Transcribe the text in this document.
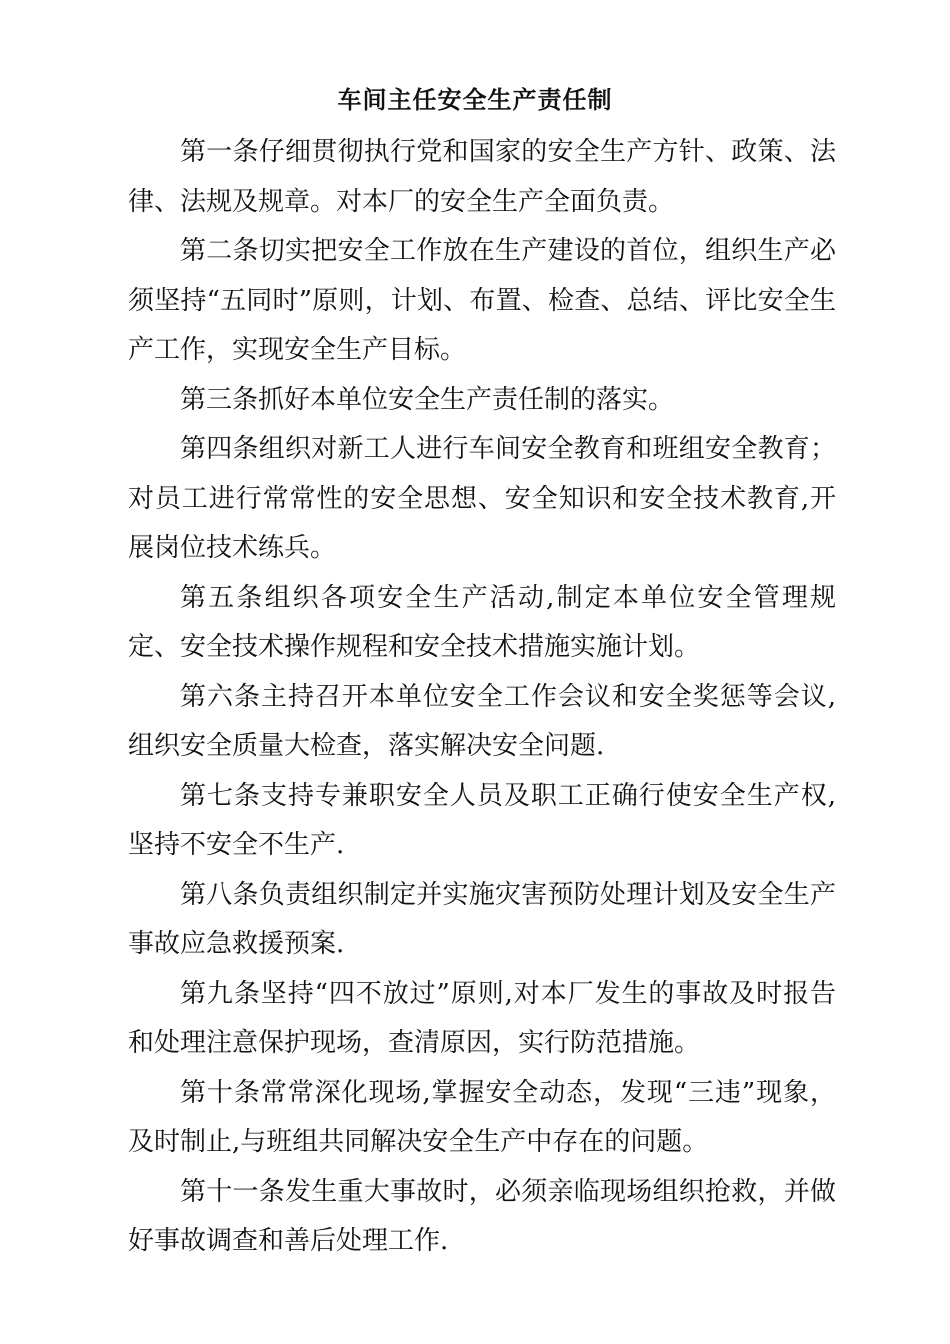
车间主任安全生产责任制

第一条仔细贯彻执行党和国家的安全生产方针、政策、法律、法规及规章。对本厂的安全生产全面负责。

第二条切实把安全工作放在生产建设的首位，组织生产必须坚持“五同时”原则，计划、布置、检查、总结、评比安全生产工作，实现安全生产目标。

第三条抓好本单位安全生产责任制的落实。

第四条组织对新工人进行车间安全教育和班组安全教育；对员工进行常常性的安全思想、安全知识和安全技术教育,开展岗位技术练兵。

第五条组织各项安全生产活动,制定本单位安全管理规定、安全技术操作规程和安全技术措施实施计划。

第六条主持召开本单位安全工作会议和安全奖惩等会议,组织安全质量大检查，落实解决安全问题.

第七条支持专兼职安全人员及职工正确行使安全生产权,坚持不安全不生产.

第八条负责组织制定并实施灾害预防处理计划及安全生产事故应急救援预案.

第九条坚持“四不放过”原则,对本厂发生的事故及时报告和处理注意保护现场，查清原因，实行防范措施。

第十条常常深化现场,掌握安全动态，发现“三违”现象，及时制止,与班组共同解决安全生产中存在的问题。

第十一条发生重大事故时，必须亲临现场组织抢救，并做好事故调查和善后处理工作.
